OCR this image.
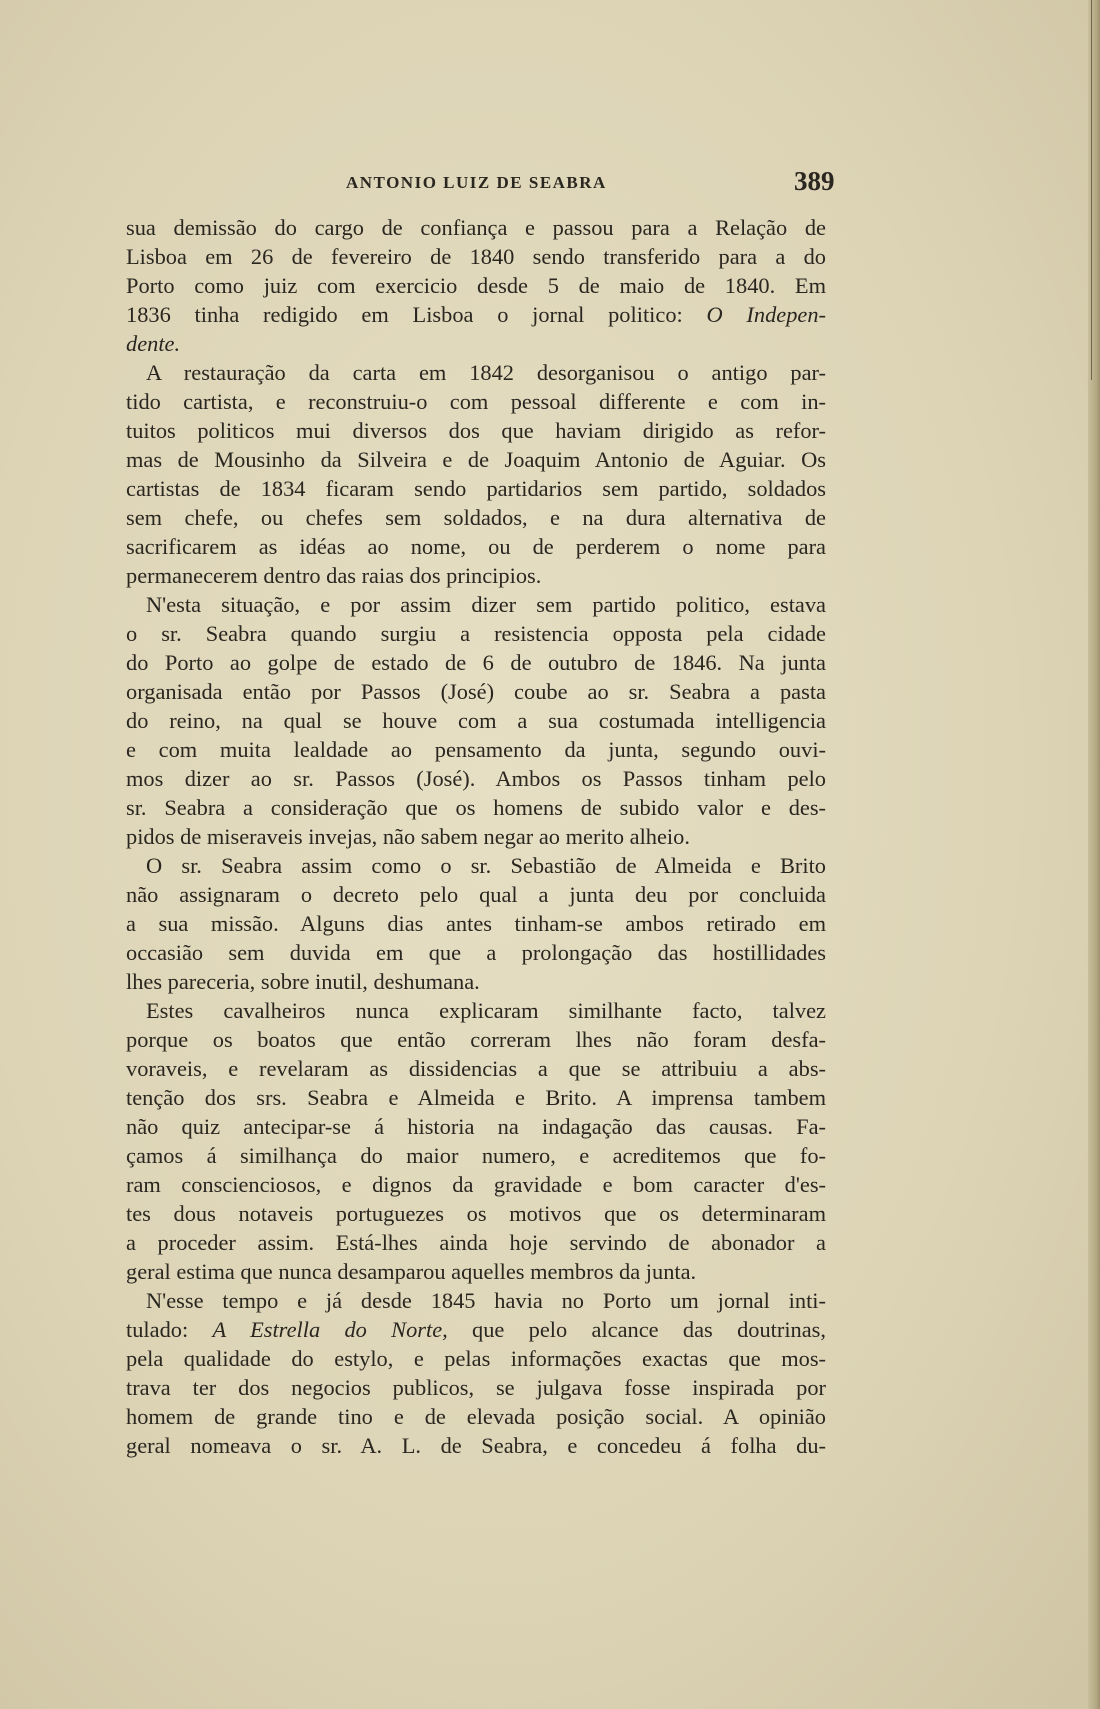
ANTONIO LUIZ DE SEABRA	389
sua demissão do cargo de confiança e passou para a Relação de
Lisboa em 26 de fevereiro de 1840 sendo transferido para a do
Porto como juiz com exercicio desde 5 de maio de 1840. Em
1836 tinha redigido em Lisboa o jornal politico: O Indepen-
dente.
A restauração da carta em 1842 desorganisou o antigo par-
tido cartista, e reconstruiu-o com pessoal differente e com in-
tuitos politicos mui diversos dos que haviam dirigido as refor-
mas de Mousinho da Silveira e de Joaquim Antonio de Aguiar. Os
cartistas de 1834 ficaram sendo partidarios sem partido, soldados
sem chefe, ou chefes sem soldados, e na dura alternativa de
sacrificarem as idéas ao nome, ou de perderem o nome para
permanecerem dentro das raias dos principios.
N'esta situação, e por assim dizer sem partido politico, estava
o sr. Seabra quando surgiu a resistencia opposta pela cidade
do Porto ao golpe de estado de 6 de outubro de 1846. Na junta
organisada então por Passos (José) coube ao sr. Seabra a pasta
do reino, na qual se houve com a sua costumada intelligencia
e com muita lealdade ao pensamento da junta, segundo ouvi-
mos dizer ao sr. Passos (José). Ambos os Passos tinham pelo
sr. Seabra a consideração que os homens de subido valor e des-
pidos de miseraveis invejas, não sabem negar ao merito alheio.
O sr. Seabra assim como o sr. Sebastião de Almeida e Brito
não assignaram o decreto pelo qual a junta deu por concluida
a sua missão. Alguns dias antes tinham-se ambos retirado em
occasião sem duvida em que a prolongação das hostillidades
lhes pareceria, sobre inutil, deshumana.
Estes cavalheiros nunca explicaram similhante facto, talvez
porque os boatos que então correram lhes não foram desfa-
voraveis, e revelaram as dissidencias a que se attribuiu a abs-
tenção dos srs. Seabra e Almeida e Brito. A imprensa tambem
não quiz antecipar-se á historia na indagação das causas. Fa-
çamos á similhança do maior numero, e acreditemos que fo-
ram conscienciosos, e dignos da gravidade e bom caracter d'es-
tes dous notaveis portuguezes os motivos que os determinaram
a proceder assim. Está-lhes ainda hoje servindo de abonador a
geral estima que nunca desamparou aquelles membros da junta.
N'esse tempo e já desde 1845 havia no Porto um jornal inti-
tulado: A Estrella do Norte, que pelo alcance das doutrinas,
pela qualidade do estylo, e pelas informações exactas que mos-
trava ter dos negocios publicos, se julgava fosse inspirada por
homem de grande tino e de elevada posição social. A opinião
geral nomeava o sr. A. L. de Seabra, e concedeu á folha du-
